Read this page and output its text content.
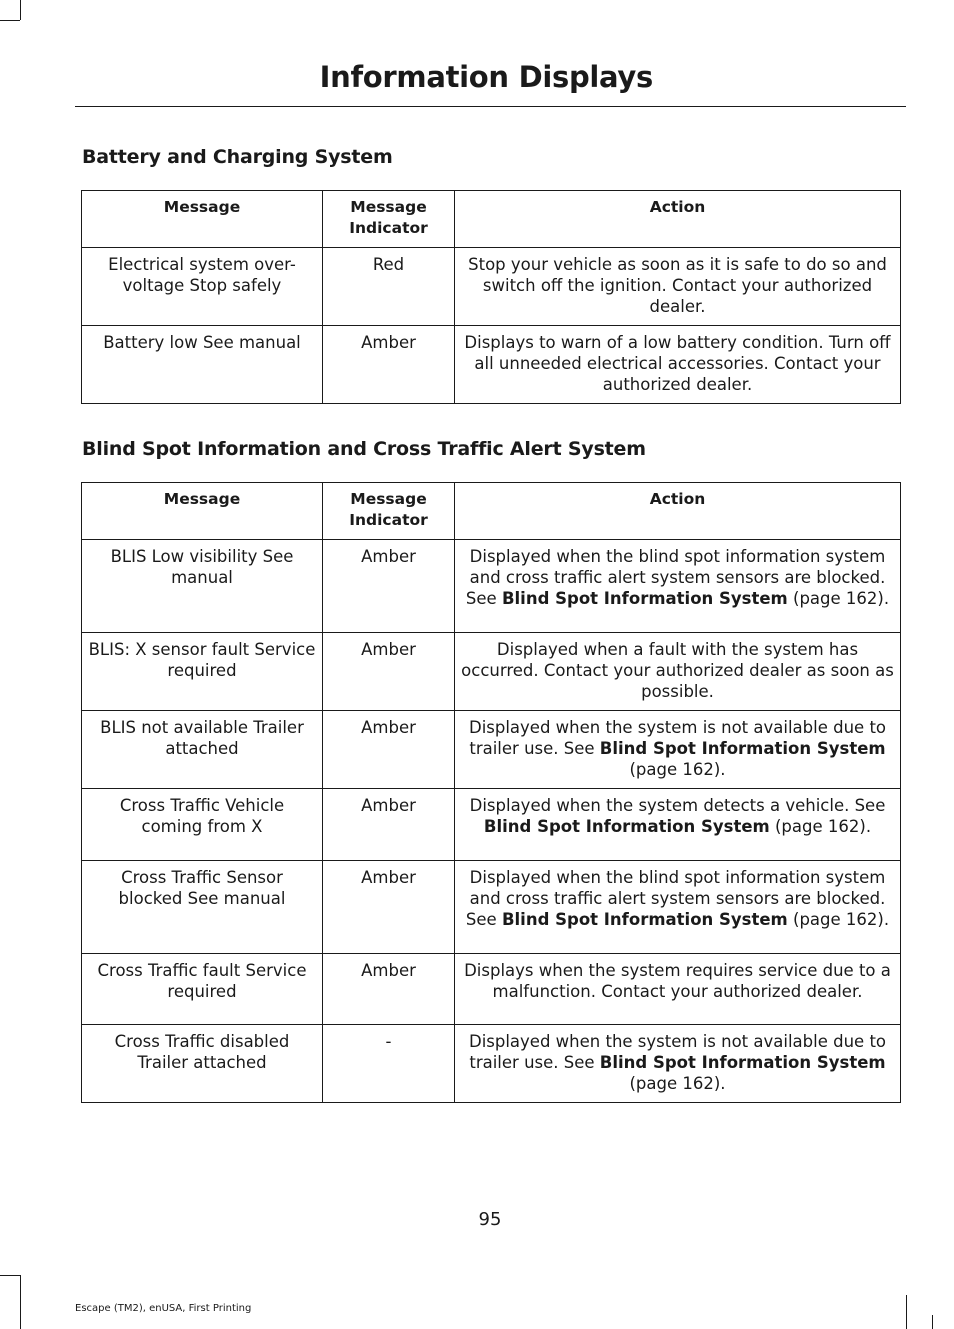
Information Displays
Battery and Charging System
Message	Message Indicator	Action
Electrical system over-voltage Stop safely	Red	Stop your vehicle as soon as it is safe to do so and switch off the ignition. Contact your authorized dealer.
Battery low See manual	Amber	Displays to warn of a low battery condition. Turn off all unneeded electrical accessories. Contact your authorized dealer.
Blind Spot Information and Cross Traffic Alert System
Message	Message Indicator	Action
BLIS Low visibility See manual	Amber	Displayed when the blind spot information system and cross traffic alert system sensors are blocked. See Blind Spot Information System (page 162).
BLIS: X sensor fault Service required	Amber	Displayed when a fault with the system has occurred. Contact your authorized dealer as soon as possible.
BLIS not available Trailer attached	Amber	Displayed when the system is not available due to trailer use. See Blind Spot Information System (page 162).
Cross Traffic Vehicle coming from X	Amber	Displayed when the system detects a vehicle. See Blind Spot Information System (page 162).
Cross Traffic Sensor blocked See manual	Amber	Displayed when the blind spot information system and cross traffic alert system sensors are blocked. See Blind Spot Information System (page 162).
Cross Traffic fault Service required	Amber	Displays when the system requires service due to a malfunction. Contact your authorized dealer.
Cross Traffic disabled Trailer attached	-	Displayed when the system is not available due to trailer use. See Blind Spot Information System (page 162).
95
Escape (TM2), enUSA, First Printing
